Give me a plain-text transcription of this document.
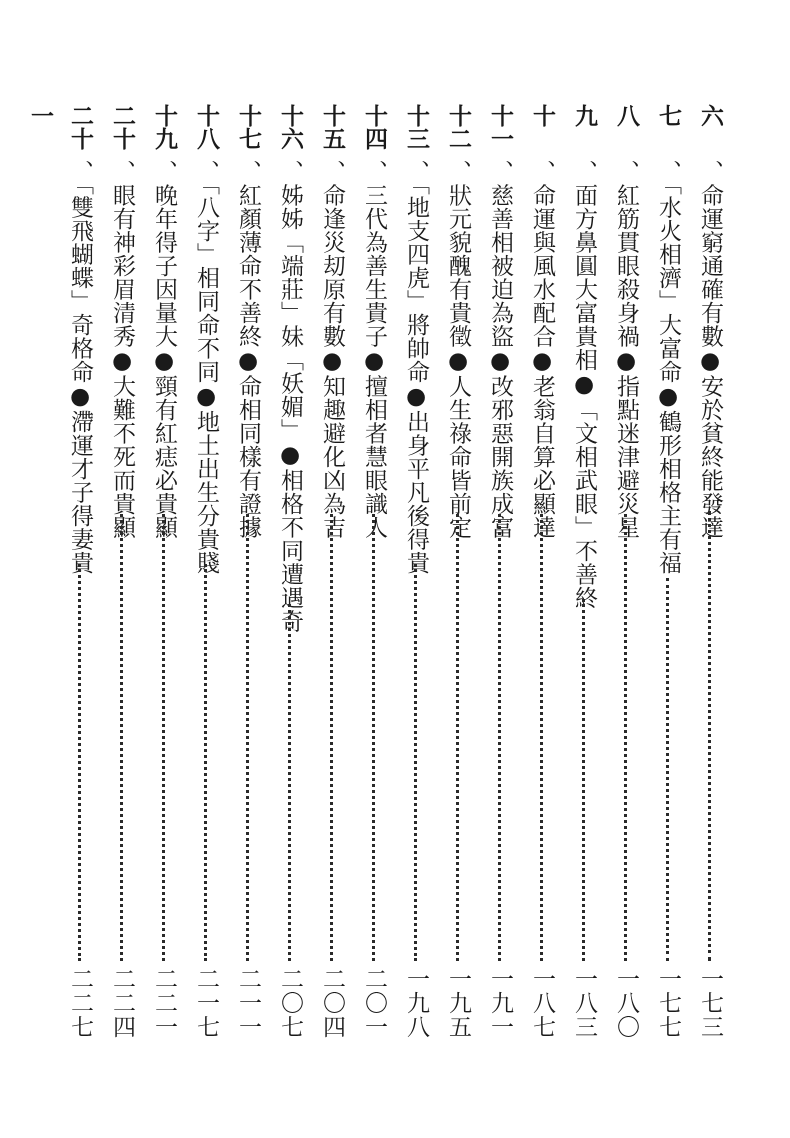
六
、命運窮通確有數●安於貧終能發達
一七三
七
、「水火相濟」大富命●鶴形相格主有福
一七七
八
、紅筋貫眼殺身禍●指點迷津避災星
一八〇
九
、面方鼻圓大富貴相●「文相武眼」不善終
一八三
十
、命運與風水配合●老翁自算必顯達
一八七
十一
、慈善相被迫為盜●改邪惡開族成富
一九一
十二
、狀元貌醜有貴徵●人生祿命皆前定
一九五
十三
、「地支四虎」將帥命●出身平凡後得貴
一九八
十四
、三代為善生貴子●擅相者慧眼識人
二〇一
十五
、命逢災刧原有數●知趣避化凶為吉
二〇四
十六
、姊姊「端莊」妹「妖媚」●相格不同遭遇奇
二〇七
十七
、紅顏薄命不善終●命相同樣有證據
二一一
十八
、「八字」相同命不同●地土出生分貴賤
二一七
十九
、晚年得子因量大●頸有紅痣必貴顯
二二一
二十
、眼有神彩眉清秀●大難不死而貴顯
二二四
二十一
、「雙飛蝴蝶」奇格命●滯運才子得妻貴
二二七
